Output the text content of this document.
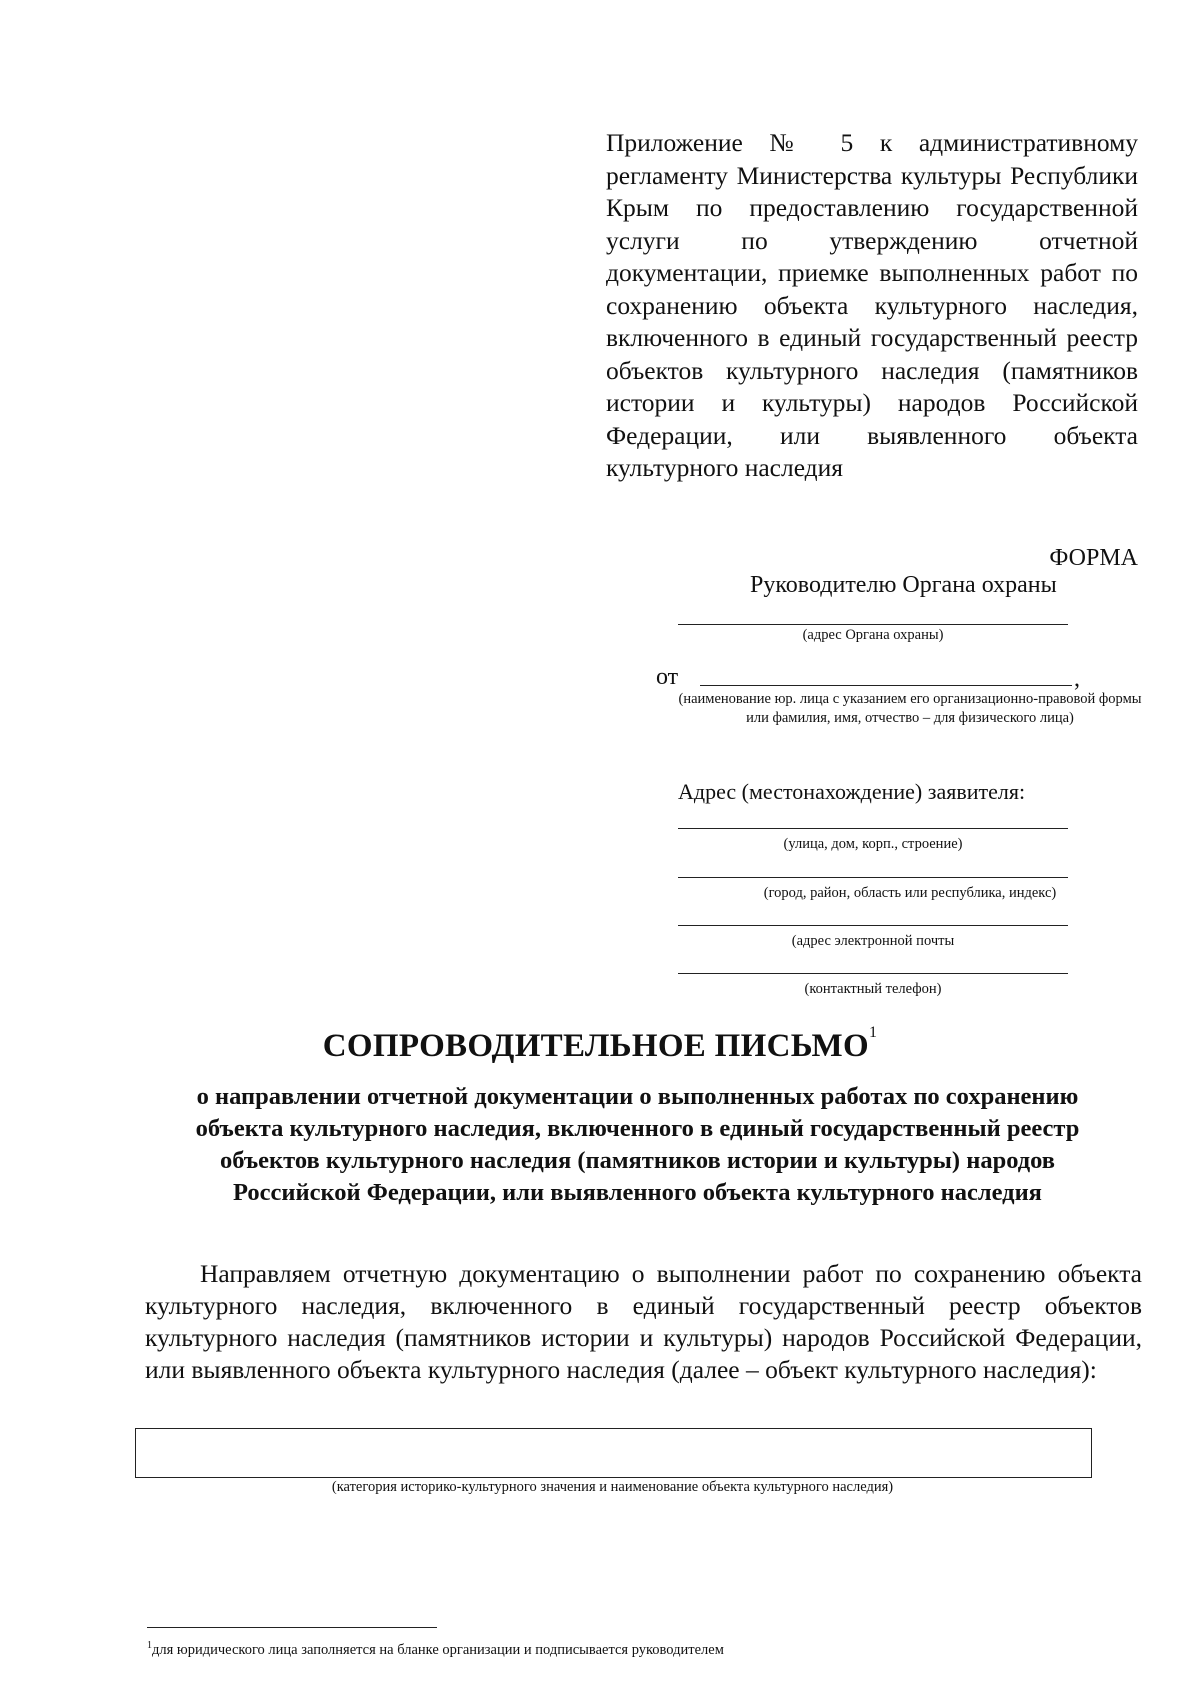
Приложение № 5 к административному регламенту Министерства культуры Республики Крым по предоставлению государственной услуги по утверждению отчетной документации, приемке выполненных работ по сохранению объекта культурного наследия, включенного в единый государственный реестр объектов культурного наследия (памятников истории и культуры) народов Российской Федерации, или выявленного объекта культурного наследия
ФОРМА
Руководителю Органа охраны
(адрес Органа охраны)
от	,
(наименование юр. лица с указанием его организационно-правовой формы или фамилия, имя, отчество – для физического лица)
Адрес (местонахождение) заявителя:
(улица, дом, корп., строение)
(город, район, область или республика, индекс)
(адрес электронной почты
(контактный телефон)
СОПРОВОДИТЕЛЬНОЕ ПИСЬМО$^1$
о направлении отчетной документации о выполненных работах по сохранению объекта культурного наследия, включенного в единый государственный реестр объектов культурного наследия (памятников истории и культуры) народов Российской Федерации, или выявленного объекта культурного наследия
Направляем отчетную документацию о выполнении работ по сохранению объекта культурного наследия, включенного в единый государственный реестр объектов культурного наследия (памятников истории и культуры) народов Российской Федерации, или выявленного объекта культурного наследия (далее – объект культурного наследия):
(категория историко-культурного значения и наименование объекта культурного наследия)
$^1$для юридического лица заполняется на бланке организации и подписывается руководителем
